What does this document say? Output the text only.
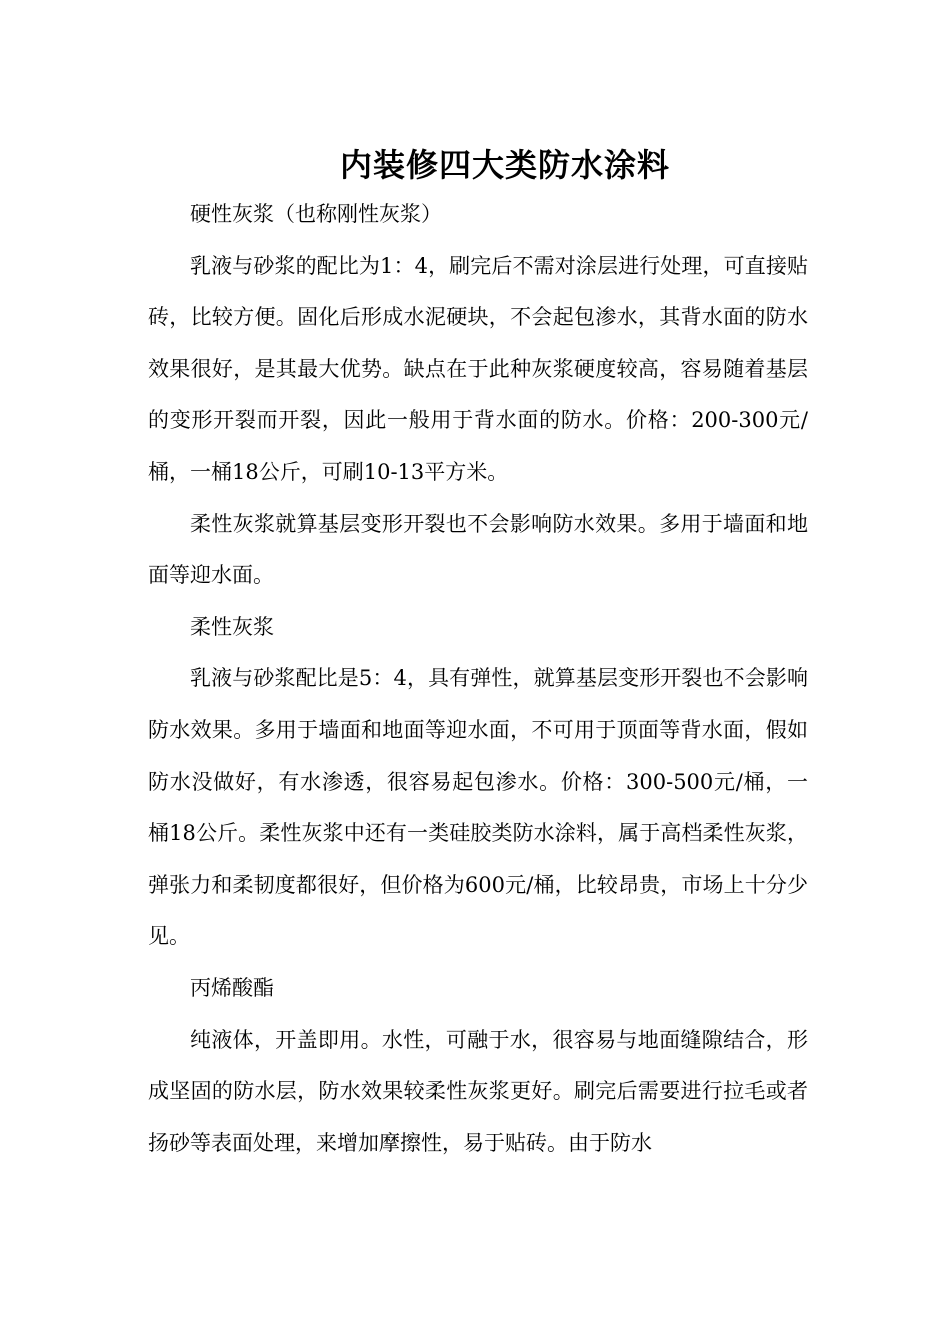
内装修四大类防水涂料

硬性灰浆（也称刚性灰浆）

乳液与砂浆的配比为1：4，刷完后不需对涂层进行处理，可直接贴砖，比较方便。固化后形成水泥硬块，不会起包渗水，其背水面的防水效果很好，是其最大优势。缺点在于此种灰浆硬度较高，容易随着基层的变形开裂而开裂，因此一般用于背水面的防水。价格：200-300元/桶，一桶18公斤，可刷10-13平方米。

柔性灰浆就算基层变形开裂也不会影响防水效果。多用于墙面和地面等迎水面。

柔性灰浆

乳液与砂浆配比是5：4，具有弹性，就算基层变形开裂也不会影响防水效果。多用于墙面和地面等迎水面，不可用于顶面等背水面，假如防水没做好，有水渗透，很容易起包渗水。价格：300-500元/桶，一桶18公斤。柔性灰浆中还有一类硅胶类防水涂料，属于高档柔性灰浆，弹张力和柔韧度都很好，但价格为600元/桶，比较昂贵，市场上十分少见。

丙烯酸酯

纯液体，开盖即用。水性，可融于水，很容易与地面缝隙结合，形成坚固的防水层，防水效果较柔性灰浆更好。刷完后需要进行拉毛或者扬砂等表面处理，来增加摩擦性，易于贴砖。由于防水
